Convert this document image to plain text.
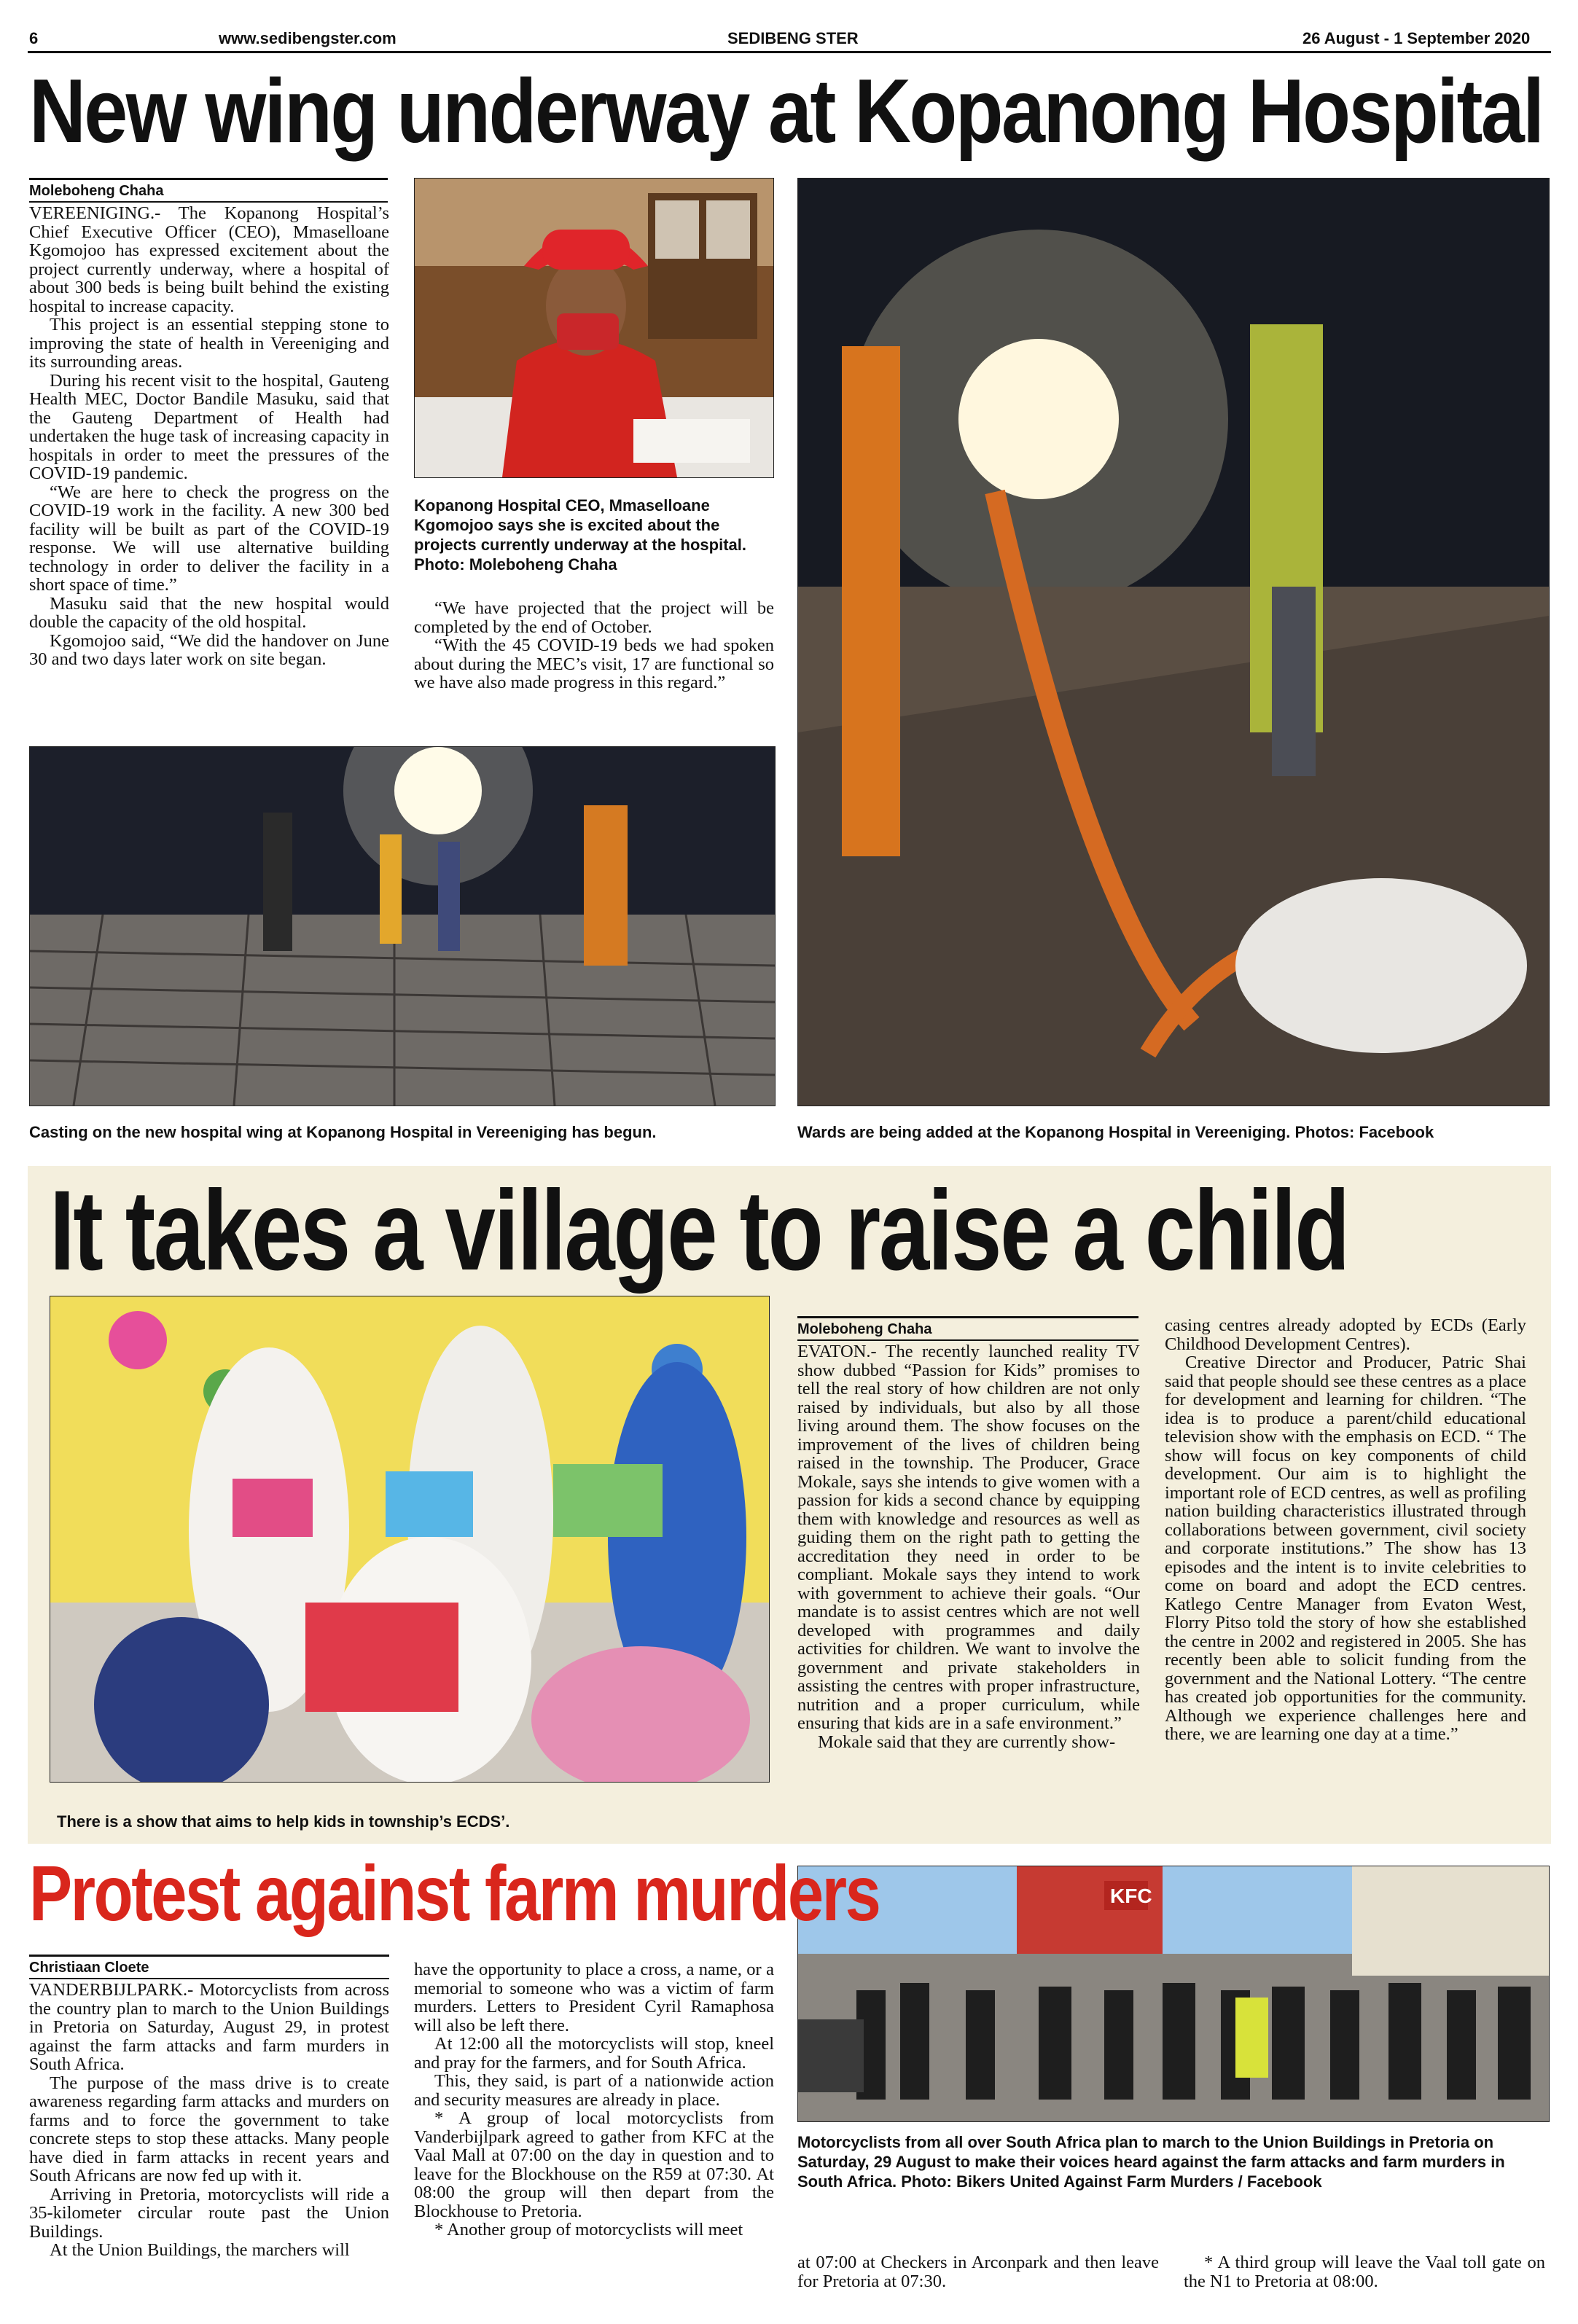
6	www.sedibengster.com	SEDIBENG STER	26 August - 1 September 2020
New wing underway at Kopanong Hospital
Moleboheng Chaha

VEREENIGING.- The Kopanong Hospital’s Chief Executive Officer (CEO), Mmaselloane Kgomojoo has expressed excitement about the project currently underway, where a hospital of about 300 beds is being built behind the existing hospital to increase capacity.

This project is an essential stepping stone to improving the state of health in Vereeniging and its surrounding areas.

During his recent visit to the hospital, Gauteng Health MEC, Doctor Bandile Masuku, said that the Gauteng Department of Health had undertaken the huge task of increasing capacity in hospitals in order to meet the pressures of the COVID-19 pandemic.

“We are here to check the progress on the COVID-19 work in the facility. A new 300 bed facility will be built as part of the COVID-19 response. We will use alternative building technology in order to deliver the facility in a short space of time.”

Masuku said that the new hospital would double the capacity of the old hospital.

Kgomojoo said, “We did the handover on June 30 and two days later work on site began.

Kopanong Hospital CEO, Mmaselloane Kgomojoo says she is excited about the projects currently underway at the hospital. Photo: Moleboheng Chaha

“We have projected that the project will be completed by the end of October.

“With the 45 COVID-19 beds we had spoken about during the MEC’s visit, 17 are functional so we have also made progress in this regard.”

Casting on the new hospital wing at Kopanong Hospital in Vereeniging has begun.	Wards are being added at the Kopanong Hospital in Vereeniging. Photos: Facebook
It takes a village to raise a child
There is a show that aims to help kids in township’s ECDS’.
Moleboheng Chaha

EVATON.- The recently launched reality TV show dubbed “Passion for Kids” promises to tell the real story of how children are not only raised by individuals, but also by all those living around them. The show focuses on the improvement of the lives of children being raised in the township. The Producer, Grace Mokale, says she intends to give women with a passion for kids a second chance by equipping them with knowledge and resources as well as guiding them on the right path to getting the accreditation they need in order to be compliant. Mokale says they intend to work with government to achieve their goals. “Our mandate is to assist centres which are not well developed with programmes and daily activities for children. We want to involve the government and private stakeholders in assisting the centres with proper infrastructure, nutrition and a proper curriculum, while ensuring that kids are in a safe environment.”

Mokale said that they are currently show-

casing centres already adopted by ECDs (Early Childhood Development Centres).

Creative Director and Producer, Patric Shai said that people should see these centres as a place for development and learning for children. “The idea is to produce a parent/child educational television show with the emphasis on ECD. “ The show will focus on key components of child development. Our aim is to highlight the important role of ECD centres, as well as profiling nation building characteristics illustrated through collaborations between government, civil society and corporate institutions.” The show has 13 episodes and the intent is to invite celebrities to come on board and adopt the ECD centres. Katlego Centre Manager from Evaton West, Florry Pitso told the story of how she established the centre in 2002 and registered in 2005. She has recently been able to solicit funding from the government and the National Lottery. “The centre has created job opportunities for the community. Although we experience challenges here and there, we are learning one day at a time.”

KFC
Protest against farm murders
Christiaan Cloete

VANDERBIJLPARK.- Motorcyclists from across the country plan to march to the Union Buildings in Pretoria on Saturday, August 29, in protest against the farm attacks and farm murders in South Africa.

The purpose of the mass drive is to create awareness regarding farm attacks and murders on farms and to force the government to take concrete steps to stop these attacks. Many people have died in farm attacks in recent years and South Africans are now fed up with it.

Arriving in Pretoria, motorcyclists will ride a 35-kilometer circular route past the Union Buildings.

At the Union Buildings, the marchers will

have the opportunity to place a cross, a name, or a memorial to someone who was a victim of farm murders. Letters to President Cyril Ramaphosa will also be left there.

At 12:00 all the motorcyclists will stop, kneel and pray for the farmers, and for South Africa.

This, they said, is part of a nationwide action and security measures are already in place.

* A group of local motorcyclists from Vanderbijlpark agreed to gather from KFC at the Vaal Mall at 07:00 on the day in question and to leave for the Blockhouse on the R59 at 07:30. At 08:00 the group will then depart from the Blockhouse to Pretoria.

* Another group of motorcyclists will meet

Motorcyclists from all over South Africa plan to march to the Union Buildings in Pretoria on Saturday, 29 August to make their voices heard against the farm attacks and farm murders in South Africa. Photo: Bikers United Against Farm Murders / Facebook

at 07:00 at Checkers in Arconpark and then leave for Pretoria at 07:30.

* A third group will leave the Vaal toll gate on the N1 to Pretoria at 08:00.
